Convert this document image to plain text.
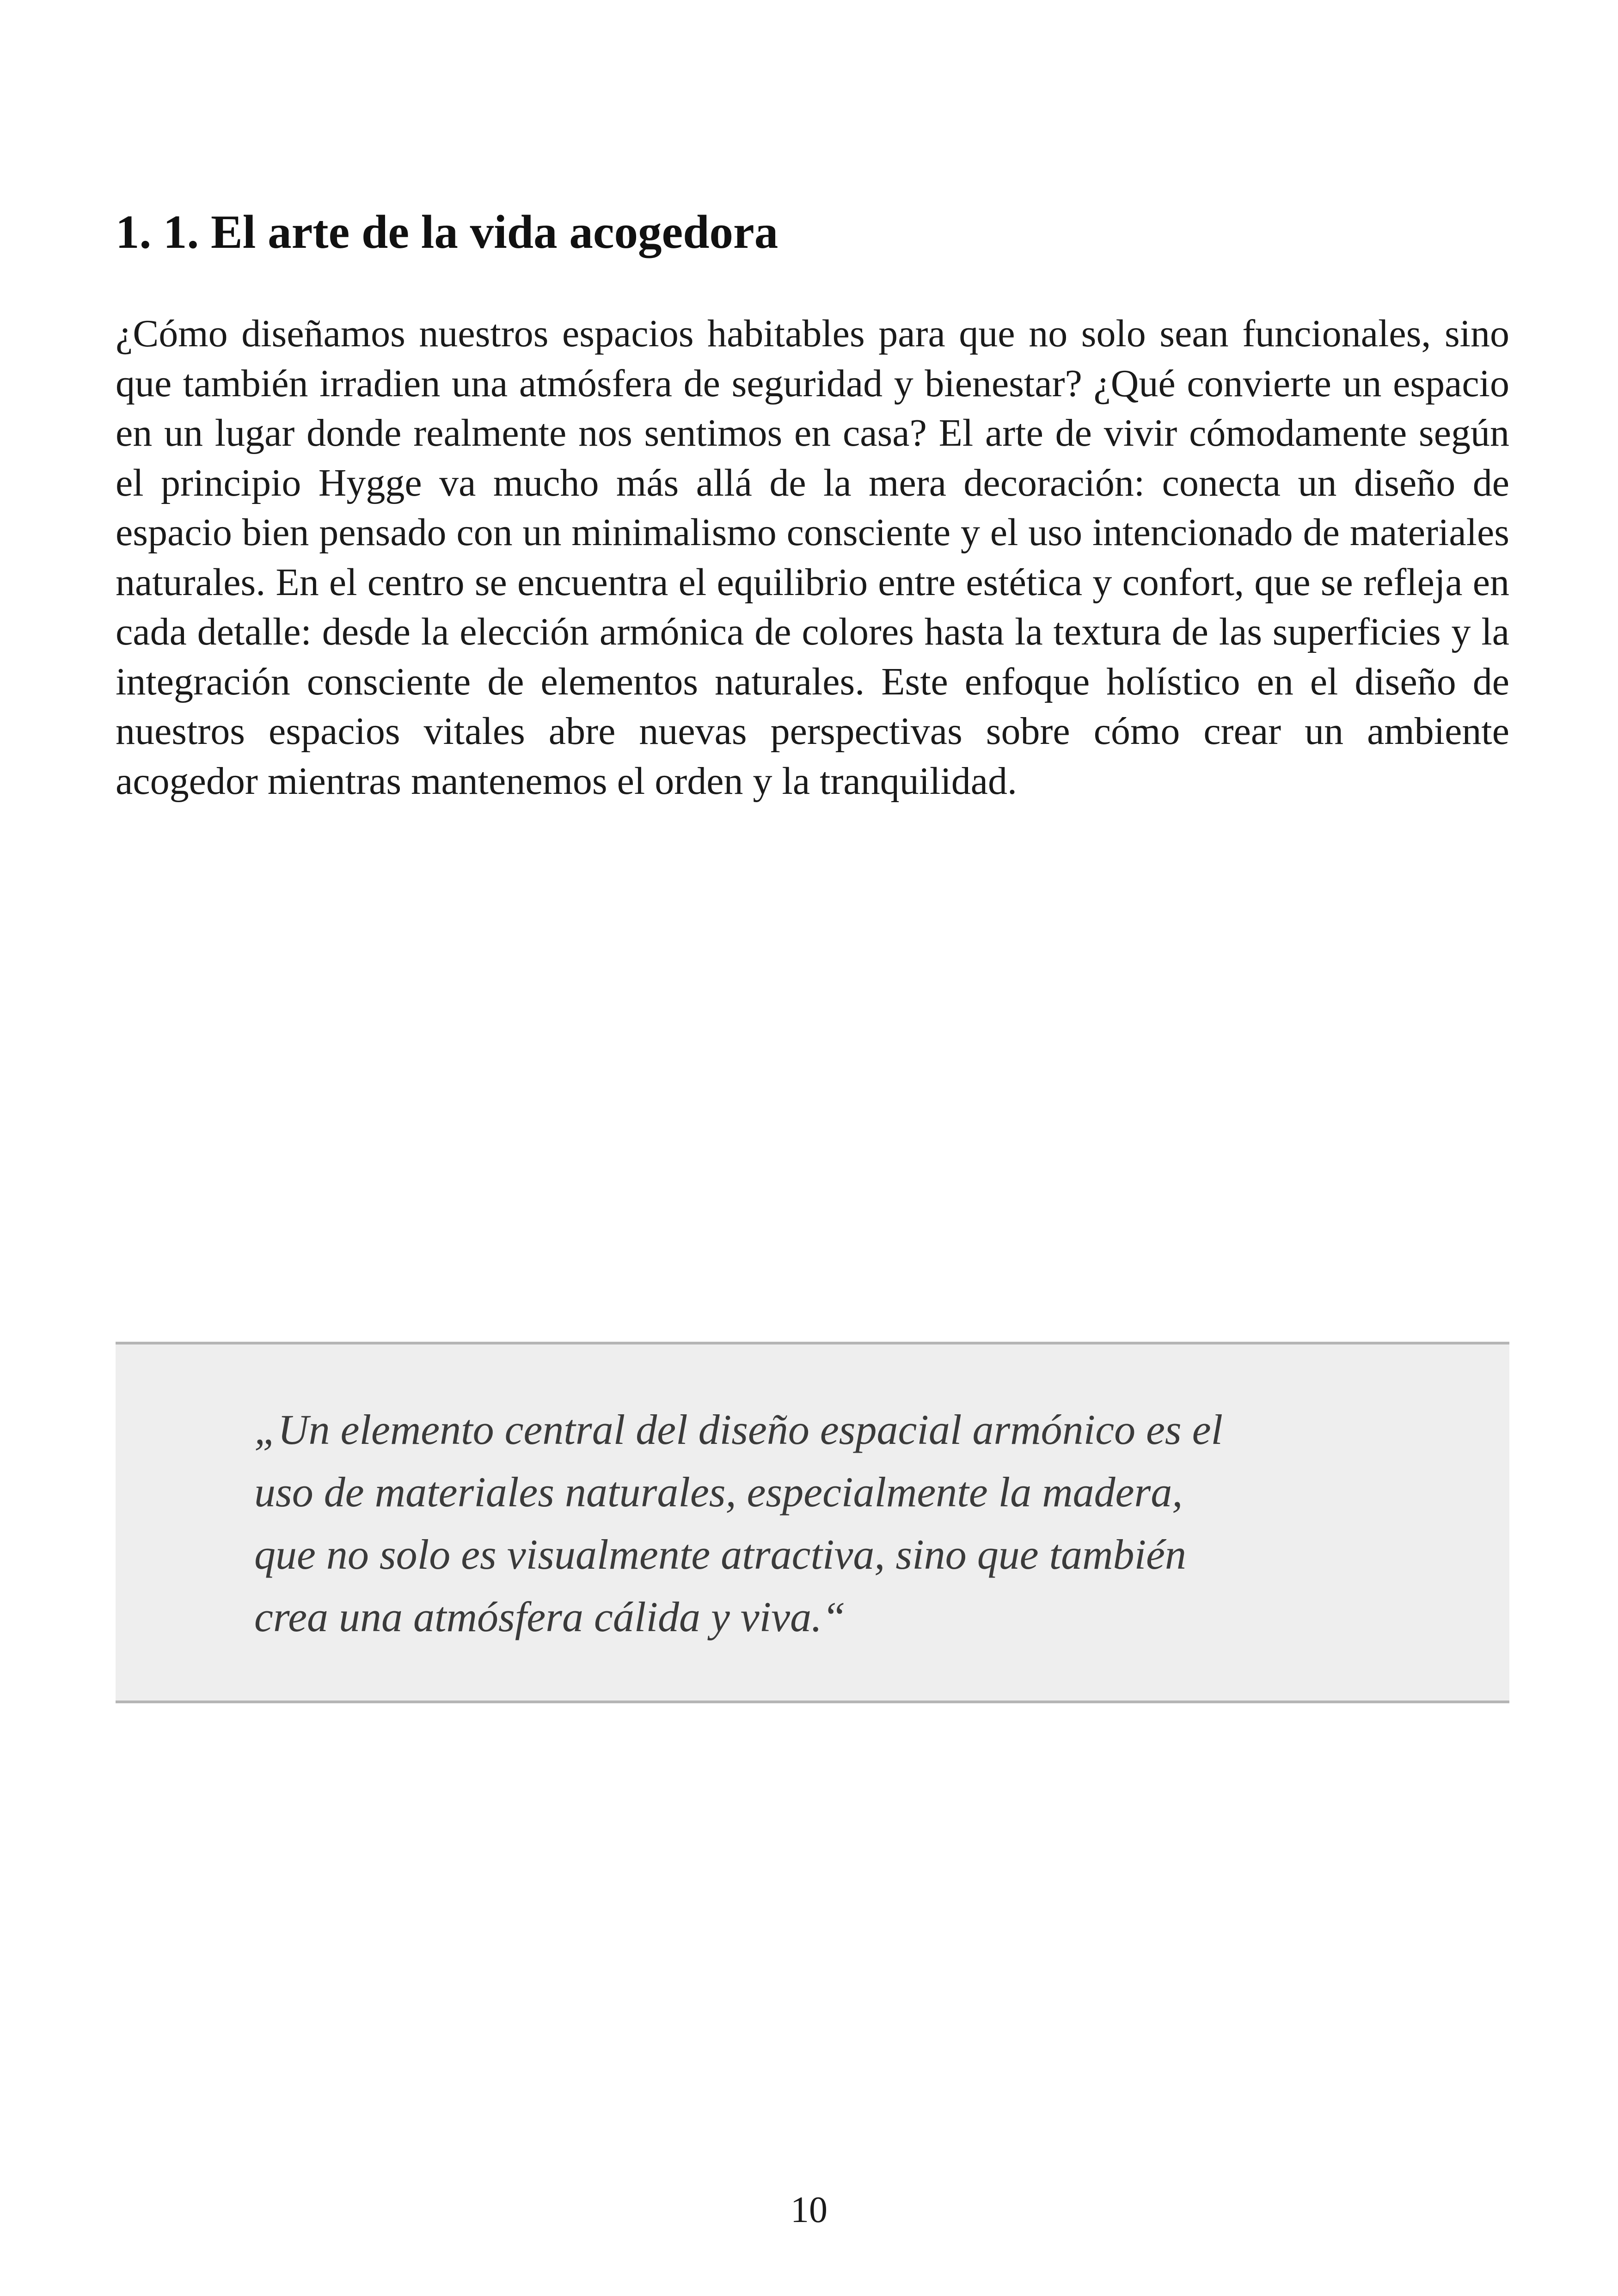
1. 1. El arte de la vida acogedora

¿Cómo diseñamos nuestros espacios habitables para que no solo sean funcionales, sino que también irradien una atmósfera de seguridad y bienestar? ¿Qué convierte un espacio en un lugar donde realmente nos sentimos en casa? El arte de vivir cómodamente según el principio Hygge va mucho más allá de la mera decoración: conecta un diseño de espacio bien pensado con un minimalismo consciente y el uso intencionado de materiales naturales. En el centro se encuentra el equilibrio entre estética y confort, que se refleja en cada detalle: desde la elección armónica de colores hasta la textura de las superficies y la integración consciente de elementos naturales. Este enfoque holístico en el diseño de nuestros espacios vitales abre nuevas perspectivas sobre cómo crear un ambiente acogedor mientras mantenemos el orden y la tranquilidad.

„Un elemento central del diseño espacial armónico es el
uso de materiales naturales, especialmente la madera,
que no solo es visualmente atractiva, sino que también
crea una atmósfera cálida y viva.“

10
